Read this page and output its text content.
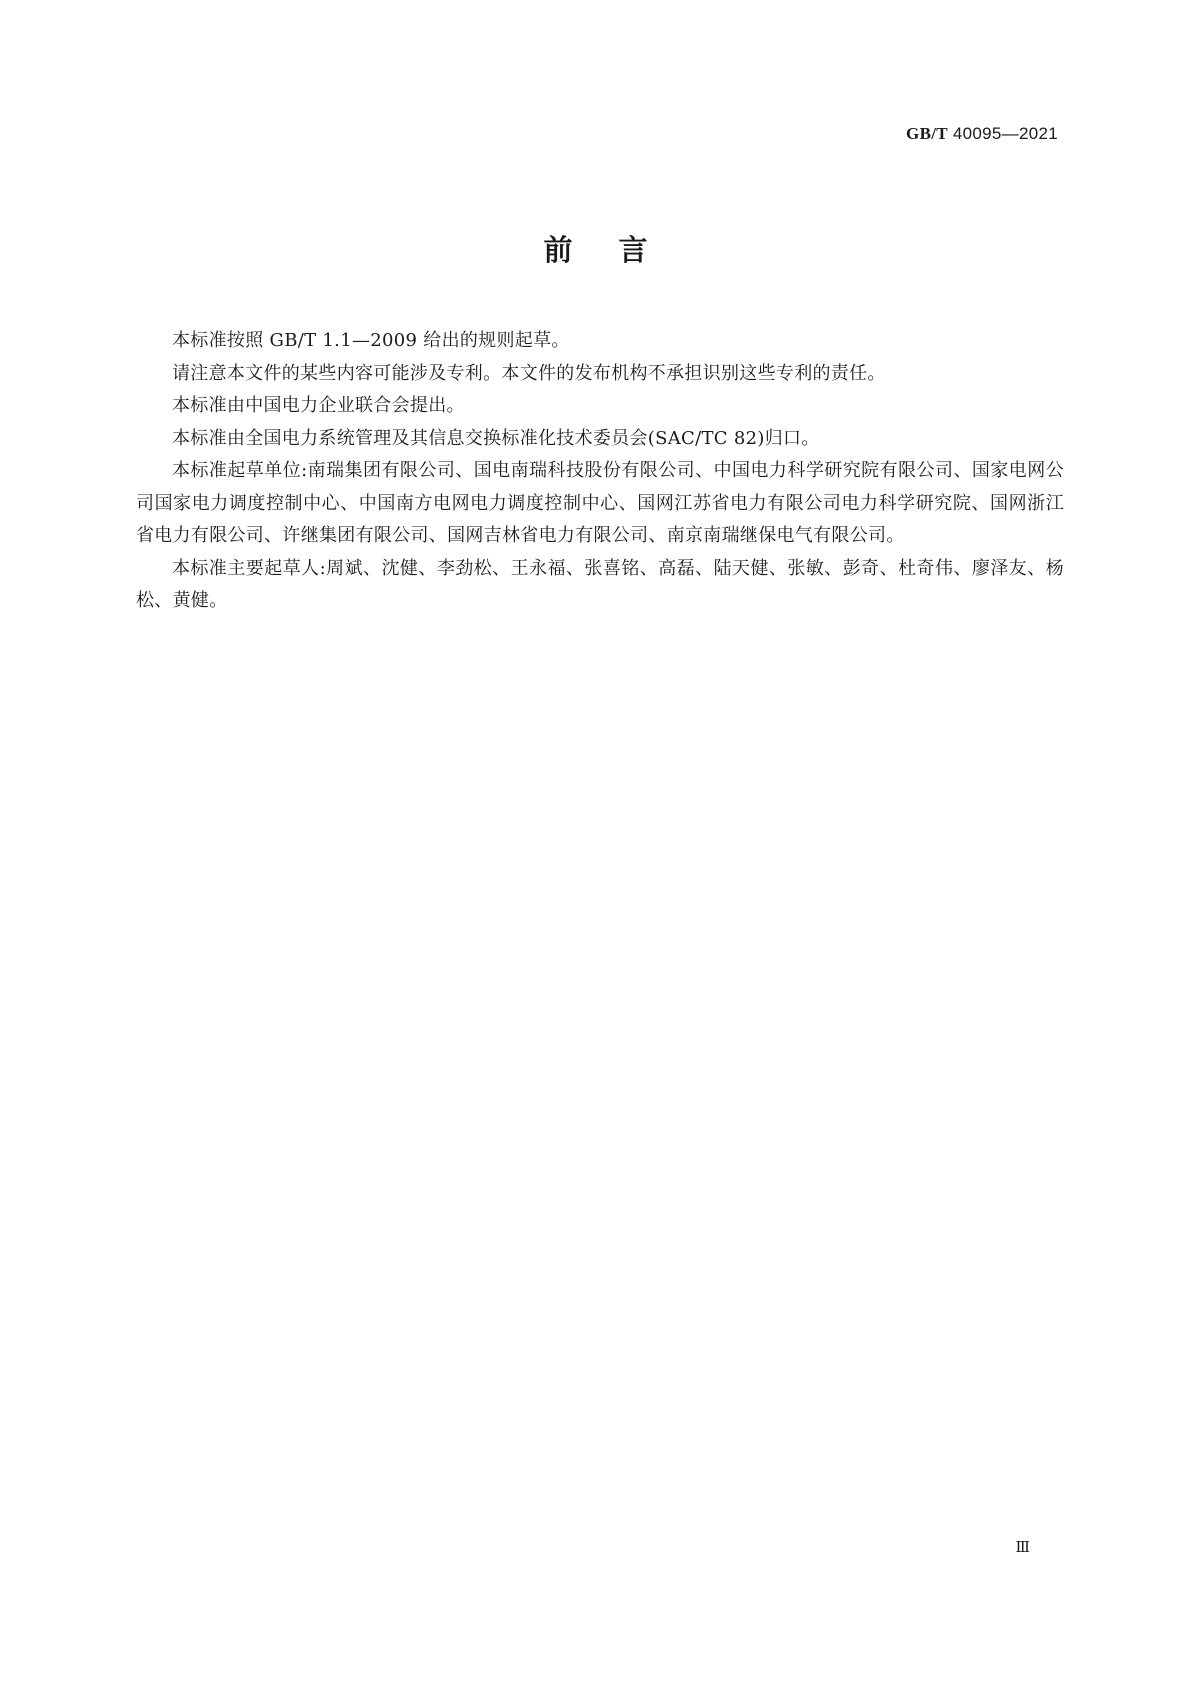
GB/T 40095—2021
前言

本标准按照 GB/T 1.1—2009 给出的规则起草。

请注意本文件的某些内容可能涉及专利。本文件的发布机构不承担识别这些专利的责任。

本标准由中国电力企业联合会提出。

本标准由全国电力系统管理及其信息交换标准化技术委员会(SAC/TC 82)归口。

本标准起草单位:南瑞集团有限公司、国电南瑞科技股份有限公司、中国电力科学研究院有限公司、国家电网公司国家电力调度控制中心、中国南方电网电力调度控制中心、国网江苏省电力有限公司电力科学研究院、国网浙江省电力有限公司、许继集团有限公司、国网吉林省电力有限公司、南京南瑞继保电气有限公司。

本标准主要起草人:周斌、沈健、李劲松、王永福、张喜铭、高磊、陆天健、张敏、彭奇、杜奇伟、廖泽友、杨松、黄健。

Ⅲ
